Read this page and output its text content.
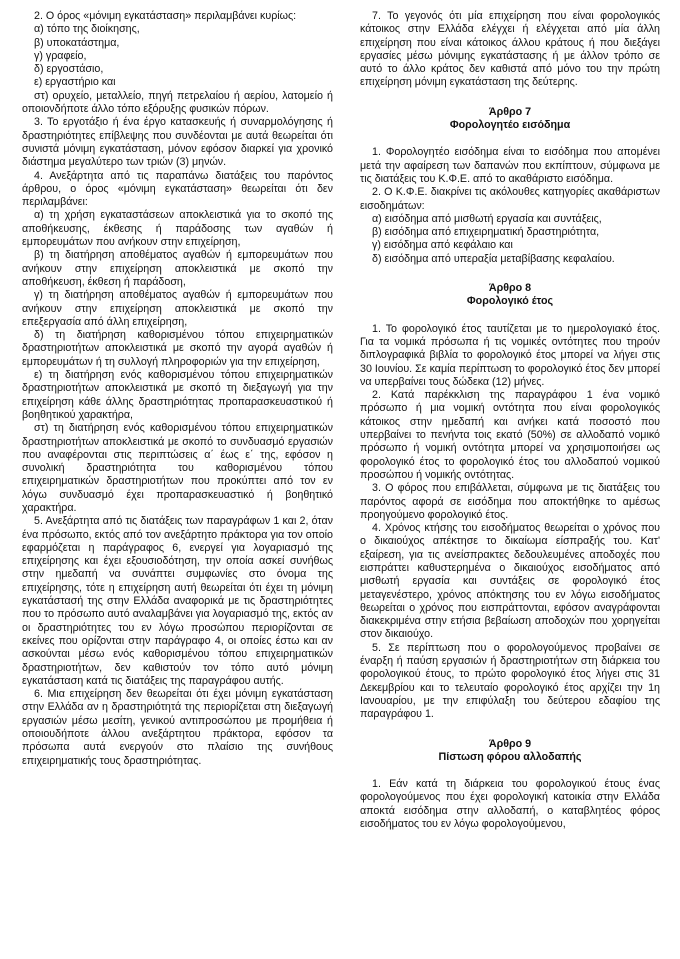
2. Ο όρος «μόνιμη εγκατάσταση» περιλαμβάνει κυρίως:

α) τόπο της διοίκησης,

β) υποκατάστημα,

γ) γραφείο,

δ) εργοστάσιο,

ε) εργαστήριο και

στ) ορυχείο, μεταλλείο, πηγή πετρελαίου ή αερίου, λατομείο ή οποιονδήποτε άλλο τόπο εξόρυξης φυσικών πόρων.

3. Το εργοτάξιο ή ένα έργο κατασκευής ή συναρμολόγησης ή δραστηριότητες επίβλεψης που συνδέονται με αυτά θεωρείται ότι συνιστά μόνιμη εγκατάσταση, μόνον εφόσον διαρκεί για χρονικό διάστημα μεγαλύτερο των τριών (3) μηνών.

4. Ανεξάρτητα από τις παραπάνω διατάξεις του παρόντος άρθρου, ο όρος «μόνιμη εγκατάσταση» θεωρείται ότι δεν περιλαμβάνει:

α) τη χρήση εγκαταστάσεων αποκλειστικά για το σκοπό της αποθήκευσης, έκθεσης ή παράδοσης των αγαθών ή εμπορευμάτων που ανήκουν στην επιχείρηση,

β) τη διατήρηση αποθέματος αγαθών ή εμπορευμάτων που ανήκουν στην επιχείρηση αποκλειστικά με σκοπό την αποθήκευση, έκθεση ή παράδοση,

γ) τη διατήρηση αποθέματος αγαθών ή εμπορευμάτων που ανήκουν στην επιχείρηση αποκλειστικά με σκοπό την επεξεργασία από άλλη επιχείρηση,

δ) τη διατήρηση καθορισμένου τόπου επιχειρηματικών δραστηριοτήτων αποκλειστικά με σκοπό την αγορά αγαθών ή εμπορευμάτων ή τη συλλογή πληροφοριών για την επιχείρηση,

ε) τη διατήρηση ενός καθορισμένου τόπου επιχειρηματικών δραστηριοτήτων αποκλειστικά με σκοπό τη διεξαγωγή για την επιχείρηση κάθε άλλης δραστηριότητας προπαρασκευαστικού ή βοηθητικού χαρακτήρα,

στ) τη διατήρηση ενός καθορισμένου τόπου επιχειρηματικών δραστηριοτήτων αποκλειστικά με σκοπό το συνδυασμό εργασιών που αναφέρονται στις περιπτώσεις α΄ έως ε΄ της, εφόσον η συνολική δραστηριότητα του καθορισμένου τόπου επιχειρηματικών δραστηριοτήτων που προκύπτει από τον εν λόγω συνδυασμό έχει προπαρασκευαστικό ή βοηθητικό χαρακτήρα.

5. Ανεξάρτητα από τις διατάξεις των παραγράφων 1 και 2, όταν ένα πρόσωπο, εκτός από τον ανεξάρτητο πράκτορα για τον οποίο εφαρμόζεται η παράγραφος 6, ενεργεί για λογαριασμό της επιχείρησης και έχει εξουσιοδότηση, την οποία ασκεί συνήθως στην ημεδαπή να συνάπτει συμφωνίες στο όνομα της επιχείρησης, τότε η επιχείρηση αυτή θεωρείται ότι έχει τη μόνιμη εγκατάστασή της στην Ελλάδα αναφορικά με τις δραστηριότητες που το πρόσωπο αυτό αναλαμβάνει για λογαριασμό της, εκτός αν οι δραστηριότητες του εν λόγω προσώπου περιορίζονται σε εκείνες που ορίζονται στην παράγραφο 4, οι οποίες έστω και αν ασκούνται μέσω ενός καθορισμένου τόπου επιχειρηματικών δραστηριοτήτων, δεν καθιστούν τον τόπο αυτό μόνιμη εγκατάσταση κατά τις διατάξεις της παραγράφου αυτής.

6. Μια επιχείρηση δεν θεωρείται ότι έχει μόνιμη εγκατάσταση στην Ελλάδα αν η δραστηριότητά της περιορίζεται στη διεξαγωγή εργασιών μέσω μεσίτη, γενικού αντιπροσώπου με προμήθεια ή οποιουδήποτε άλλου ανεξάρτητου πράκτορα, εφόσον τα πρόσωπα αυτά ενεργούν στο πλαίσιο της συνήθους επιχειρηματικής τους δραστηριότητας.

7. Το γεγονός ότι μία επιχείρηση που είναι φορολογικός κάτοικος στην Ελλάδα ελέγχει ή ελέγχεται από μία άλλη επιχείρηση που είναι κάτοικος άλλου κράτους ή που διεξάγει εργασίες μέσω μόνιμης εγκατάστασης ή με άλλον τρόπο σε αυτό το άλλο κράτος δεν καθιστά από μόνο του την πρώτη επιχείρηση μόνιμη εγκατάσταση της δεύτερης.

Άρθρο 7

Φορολογητέο εισόδημα

1. Φορολογητέο εισόδημα είναι το εισόδημα που απομένει μετά την αφαίρεση των δαπανών που εκπίπτουν, σύμφωνα με τις διατάξεις του Κ.Φ.Ε. από το ακαθάριστο εισόδημα.

2. Ο Κ.Φ.Ε. διακρίνει τις ακόλουθες κατηγορίες ακαθάριστων εισοδημάτων:

α) εισόδημα από μισθωτή εργασία και συντάξεις,

β) εισόδημα από επιχειρηματική δραστηριότητα,

γ) εισόδημα από κεφάλαιο και

δ) εισόδημα από υπεραξία μεταβίβασης κεφαλαίου.

Άρθρο 8

Φορολογικό έτος

1. Το φορολογικό έτος ταυτίζεται με το ημερολογιακό έτος. Για τα νομικά πρόσωπα ή τις νομικές οντότητες που τηρούν διπλογραφικά βιβλία το φορολογικό έτος μπορεί να λήγει στις 30 Ιουνίου. Σε καμία περίπτωση το φορολογικό έτος δεν μπορεί να υπερβαίνει τους δώδεκα (12) μήνες.

2. Κατά παρέκκλιση της παραγράφου 1 ένα νομικό πρόσωπο ή μια νομική οντότητα που είναι φορολογικός κάτοικος στην ημεδαπή και ανήκει κατά ποσοστό που υπερβαίνει το πενήντα τοις εκατό (50%) σε αλλοδαπό νομικό πρόσωπο ή νομική οντότητα μπορεί να χρησιμοποιήσει ως φορολογικό έτος το φορολογικό έτος του αλλοδαπού νομικού προσώπου ή νομικής οντότητας.

3. Ο φόρος που επιβάλλεται, σύμφωνα με τις διατάξεις του παρόντος αφορά σε εισόδημα που αποκτήθηκε το αμέσως προηγούμενο φορολογικό έτος.

4. Χρόνος κτήσης του εισοδήματος θεωρείται ο χρόνος που ο δικαιούχος απέκτησε το δικαίωμα είσπραξής του. Κατ' εξαίρεση, για τις ανείσπρακτες δεδουλευμένες αποδοχές που εισπράττει καθυστερημένα ο δικαιούχος εισοδήματος από μισθωτή εργασία και συντάξεις σε φορολογικό έτος μεταγενέστερο, χρόνος απόκτησης του εν λόγω εισοδήματος θεωρείται ο χρόνος που εισπράττονται, εφόσον αναγράφονται διακεκριμένα στην ετήσια βεβαίωση αποδοχών που χορηγείται στον δικαιούχο.

5. Σε περίπτωση που ο φορολογούμενος προβαίνει σε έναρξη ή παύση εργασιών ή δραστηριοτήτων στη διάρκεια του φορολογικού έτους, το πρώτο φορολογικό έτος λήγει στις 31 Δεκεμβρίου και το τελευταίο φορολογικό έτος αρχίζει την 1η Ιανουαρίου, με την επιφύλαξη του δεύτερου εδαφίου της παραγράφου 1.

Άρθρο 9

Πίστωση φόρου αλλοδαπής

1. Εάν κατά τη διάρκεια του φορολογικού έτους ένας φορολογούμενος που έχει φορολογική κατοικία στην Ελλάδα αποκτά εισόδημα στην αλλοδαπή, ο καταβλητέος φόρος εισοδήματος του εν λόγω φορολογούμενου,
